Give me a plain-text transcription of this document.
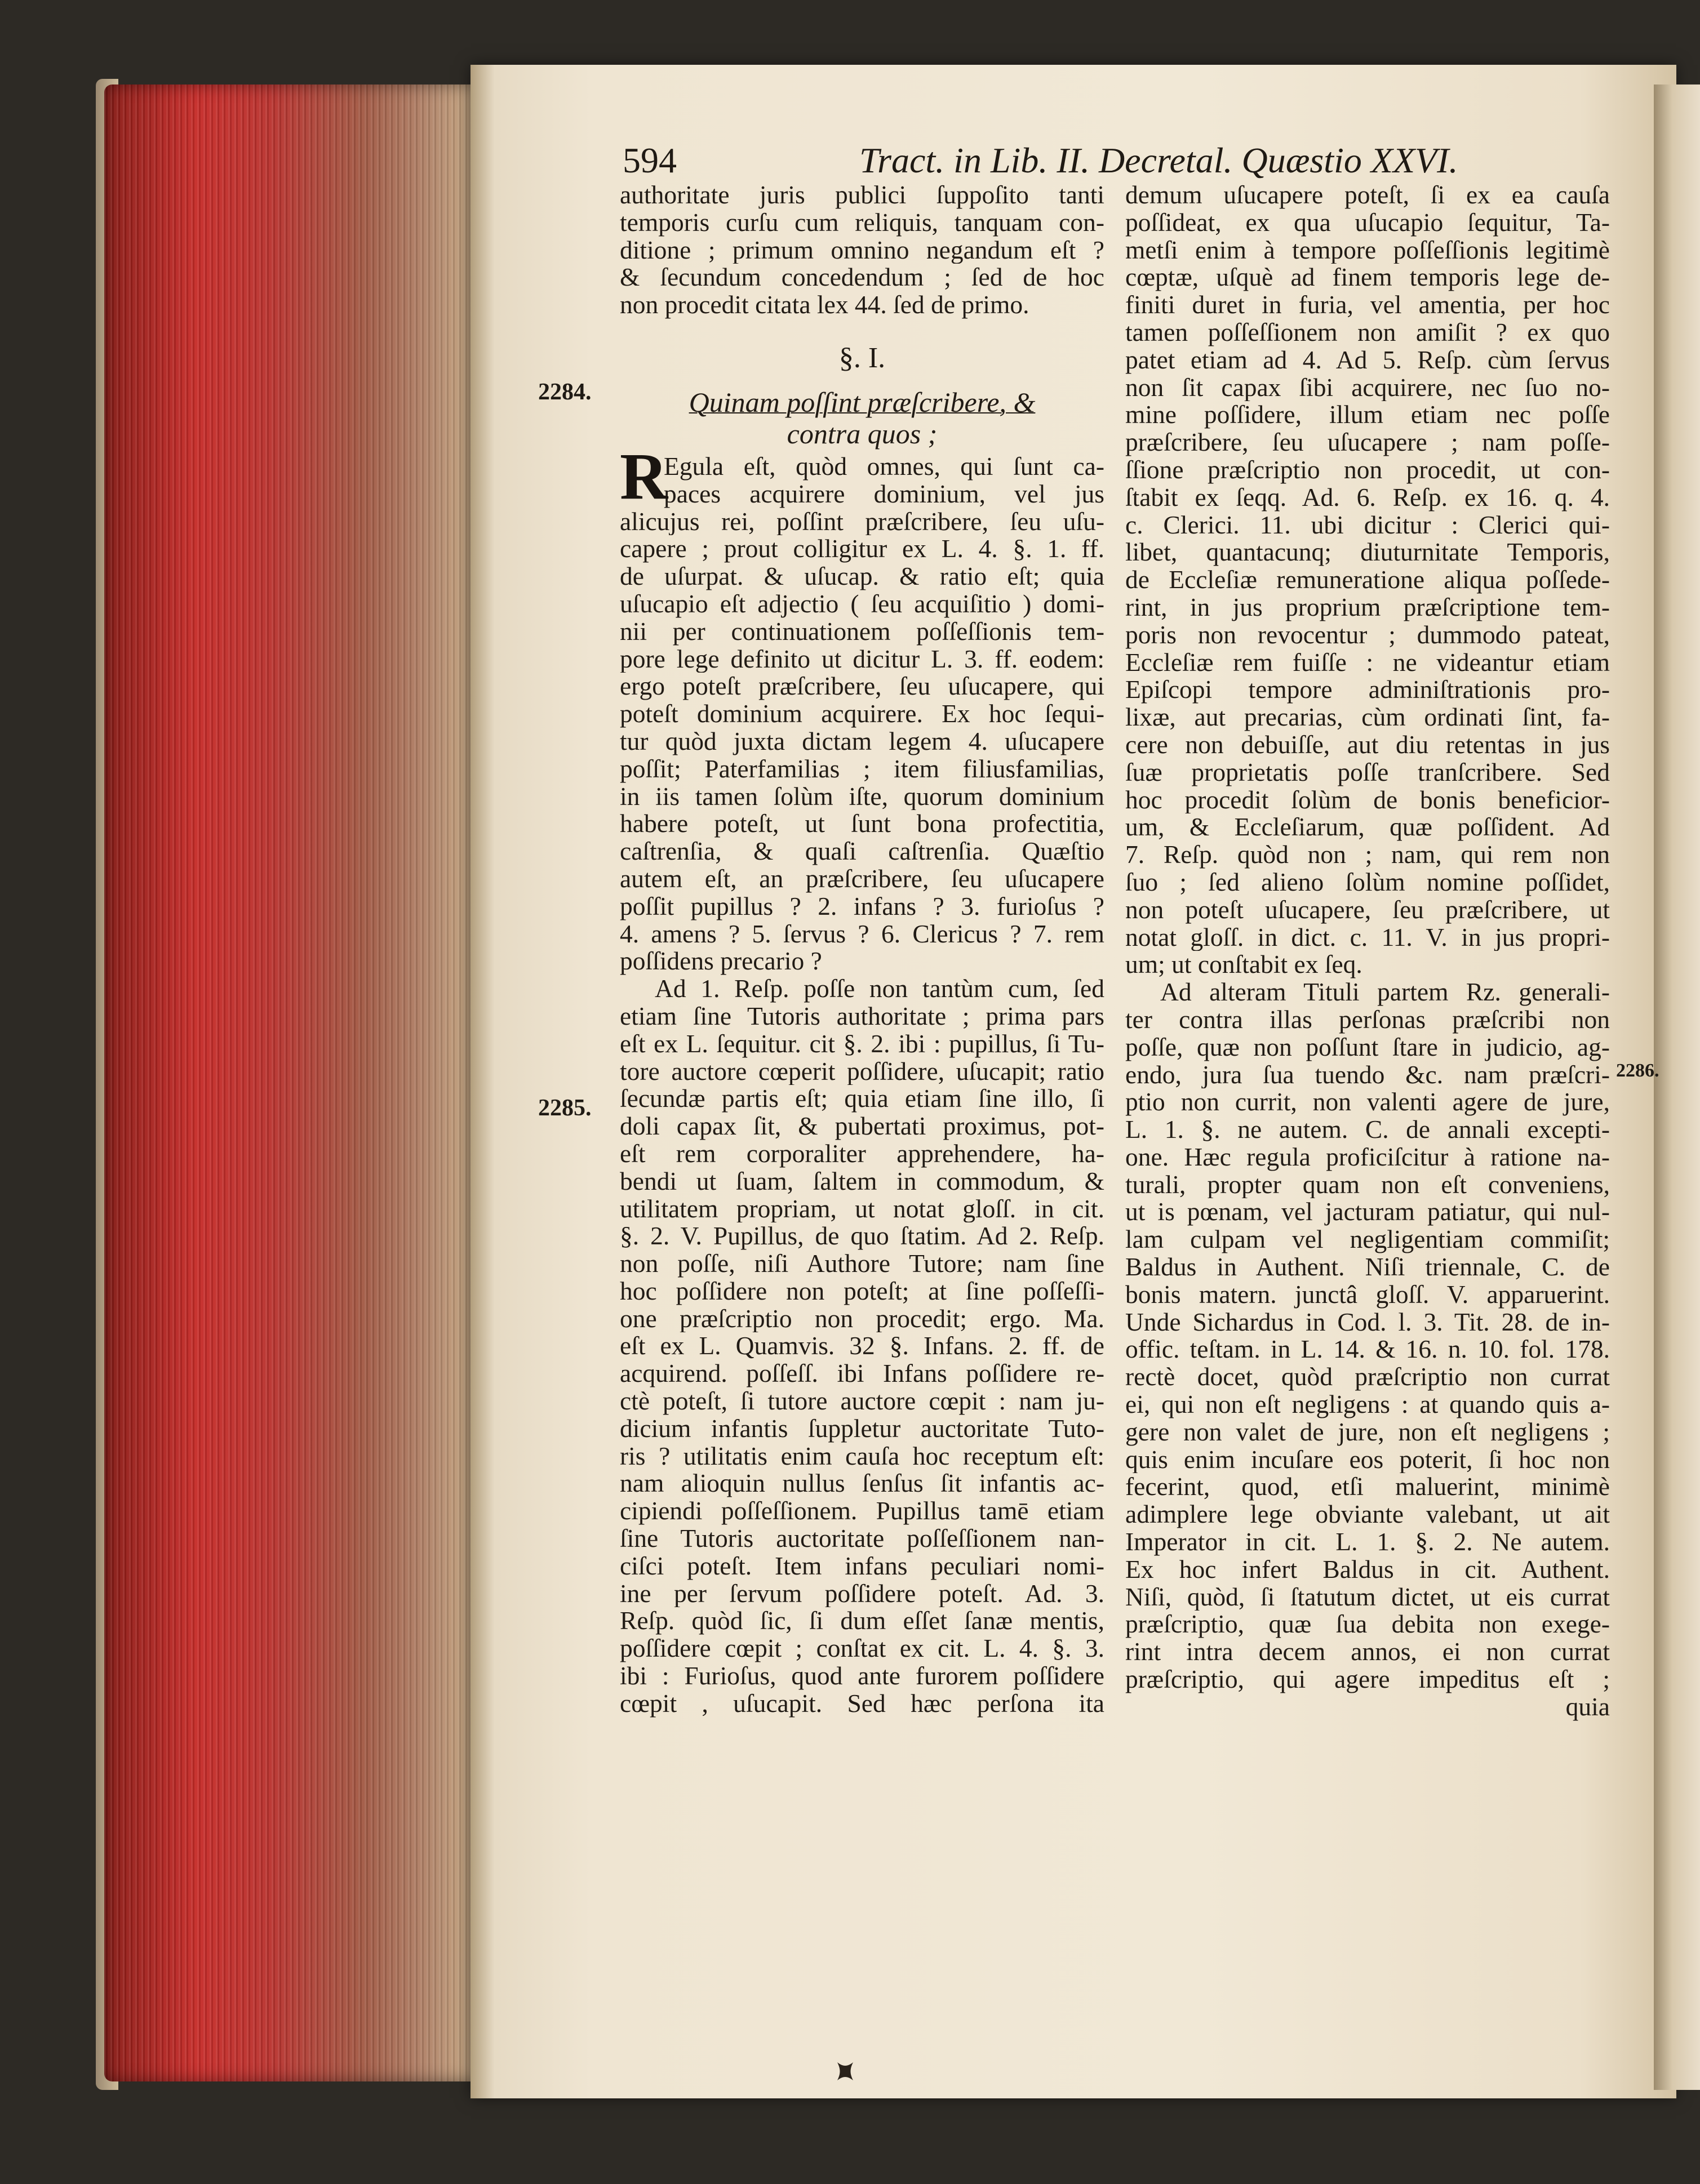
594	Tract. in Lib. II. Decretal. Quæstio XXVI.
2284.
2285.
2286.
authoritate juris publici ſuppoſito tanti
temporis curſu cum reliquis, tanquam con-
ditione ; primum omnino negandum eſt ?
& ſecundum concedendum ; ſed de hoc
non procedit citata lex 44. ſed de primo.
§. I.
Quinam poſſint præſcribere, &
contra quos ;
R
Egula eſt, quòd omnes, qui ſunt ca-
paces acquirere dominium, vel jus
alicujus rei, poſſint præſcribere, ſeu uſu-
capere ; prout colligitur ex L. 4. §. 1. ff.
de uſurpat. & uſucap. & ratio eſt; quia
uſucapio eſt adjectio ( ſeu acquiſitio ) domi-
nii per continuationem poſſeſſionis tem-
pore lege definito ut dicitur L. 3. ff. eodem:
ergo poteſt præſcribere, ſeu uſucapere, qui
poteſt dominium acquirere. Ex hoc ſequi-
tur quòd juxta dictam legem 4. uſucapere
poſſit; Paterfamilias ; item filiusfamilias,
in iis tamen ſolùm iſte, quorum dominium
habere poteſt, ut ſunt bona profectitia,
caſtrenſia, & quaſi caſtrenſia. Quæſtio
autem eſt, an præſcribere, ſeu uſucapere
poſſit pupillus ? 2. infans ? 3. furioſus ?
4. amens ? 5. ſervus ? 6. Clericus ? 7. rem
poſſidens precario ?
Ad 1. Reſp. poſſe non tantùm cum, ſed
etiam ſine Tutoris authoritate ; prima pars
eſt ex L. ſequitur. cit §. 2. ibi : pupillus, ſi Tu-
tore auctore cœperit poſſidere, uſucapit; ratio
ſecundæ partis eſt; quia etiam ſine illo, ſi
doli capax ſit, & pubertati proximus, pot-
eſt rem corporaliter apprehendere, ha-
bendi ut ſuam, ſaltem in commodum, &
utilitatem propriam, ut notat gloſſ. in cit.
§. 2. V. Pupillus, de quo ſtatim. Ad 2. Reſp.
non poſſe, niſi Authore Tutore; nam ſine
hoc poſſidere non poteſt; at ſine poſſeſſi-
one præſcriptio non procedit; ergo. Ma.
eſt ex L. Quamvis. 32 §. Infans. 2. ff. de
acquirend. poſſeſſ. ibi Infans poſſidere re-
ctè poteſt, ſi tutore auctore cœpit : nam ju-
dicium infantis ſuppletur auctoritate Tuto-
ris ? utilitatis enim cauſa hoc receptum eſt:
nam alioquin nullus ſenſus ſit infantis ac-
cipiendi poſſeſſionem. Pupillus tamē etiam
ſine Tutoris auctoritate poſſeſſionem nan-
ciſci poteſt. Item infans peculiari nomi-
ine per ſervum poſſidere poteſt. Ad. 3.
Reſp. quòd ſic, ſi dum eſſet ſanæ mentis,
poſſidere cœpit ; conſtat ex cit. L. 4. §. 3.
ibi : Furioſus, quod ante furorem poſſidere
cœpit , uſucapit. Sed hæc perſona ita
demum uſucapere poteſt, ſi ex ea cauſa
poſſideat, ex qua uſucapio ſequitur, Ta-
metſi enim à tempore poſſeſſionis legitimè
cœptæ, uſquè ad finem temporis lege de-
finiti duret in furia, vel amentia, per hoc
tamen poſſeſſionem non amiſit ? ex quo
patet etiam ad 4. Ad 5. Reſp. cùm ſervus
non ſit capax ſibi acquirere, nec ſuo no-
mine poſſidere, illum etiam nec poſſe
præſcribere, ſeu uſucapere ; nam poſſe-
ſſione præſcriptio non procedit, ut con-
ſtabit ex ſeqq. Ad. 6. Reſp. ex 16. q. 4.
c. Clerici. 11. ubi dicitur : Clerici qui-
libet, quantacunq; diuturnitate Temporis,
de Eccleſiæ remuneratione aliqua poſſede-
rint, in jus proprium præſcriptione tem-
poris non revocentur ; dummodo pateat,
Eccleſiæ rem fuiſſe : ne videantur etiam
Epiſcopi tempore adminiſtrationis pro-
lixæ, aut precarias, cùm ordinati ſint, fa-
cere non debuiſſe, aut diu retentas in jus
ſuæ proprietatis poſſe tranſcribere. Sed
hoc procedit ſolùm de bonis beneficior-
um, & Eccleſiarum, quæ poſſident. Ad
7. Reſp. quòd non ; nam, qui rem non
ſuo ; ſed alieno ſolùm nomine poſſidet,
non poteſt uſucapere, ſeu præſcribere, ut
notat gloſſ. in dict. c. 11. V. in jus propri-
um; ut conſtabit ex ſeq.
Ad alteram Tituli partem Rz. generali-
ter contra illas perſonas præſcribi non
poſſe, quæ non poſſunt ſtare in judicio, ag-
endo, jura ſua tuendo &c. nam præſcri-
ptio non currit, non valenti agere de jure,
L. 1. §. ne autem. C. de annali excepti-
one. Hæc regula proficiſcitur à ratione na-
turali, propter quam non eſt conveniens,
ut is pœnam, vel jacturam patiatur, qui nul-
lam culpam vel negligentiam commiſit;
Baldus in Authent. Niſi triennale, C. de
bonis matern. junctâ gloſſ. V. apparuerint.
Unde Sichardus in Cod. l. 3. Tit. 28. de in-
offic. teſtam. in L. 14. & 16. n. 10. fol. 178.
rectè docet, quòd præſcriptio non currat
ei, qui non eſt negligens : at quando quis a-
gere non valet de jure, non eſt negligens ;
quis enim incuſare eos poterit, ſi hoc non
fecerint, quod, etſi maluerint, minimè
adimplere lege obviante valebant, ut ait
Imperator in cit. L. 1. §. 2. Ne autem.
Ex hoc infert Baldus in cit. Authent.
Niſi, quòd, ſi ſtatutum dictet, ut eis currat
præſcriptio, quæ ſua debita non exege-
rint intra decem annos, ei non currat
præſcriptio, qui agere impeditus eſt ;
quia
